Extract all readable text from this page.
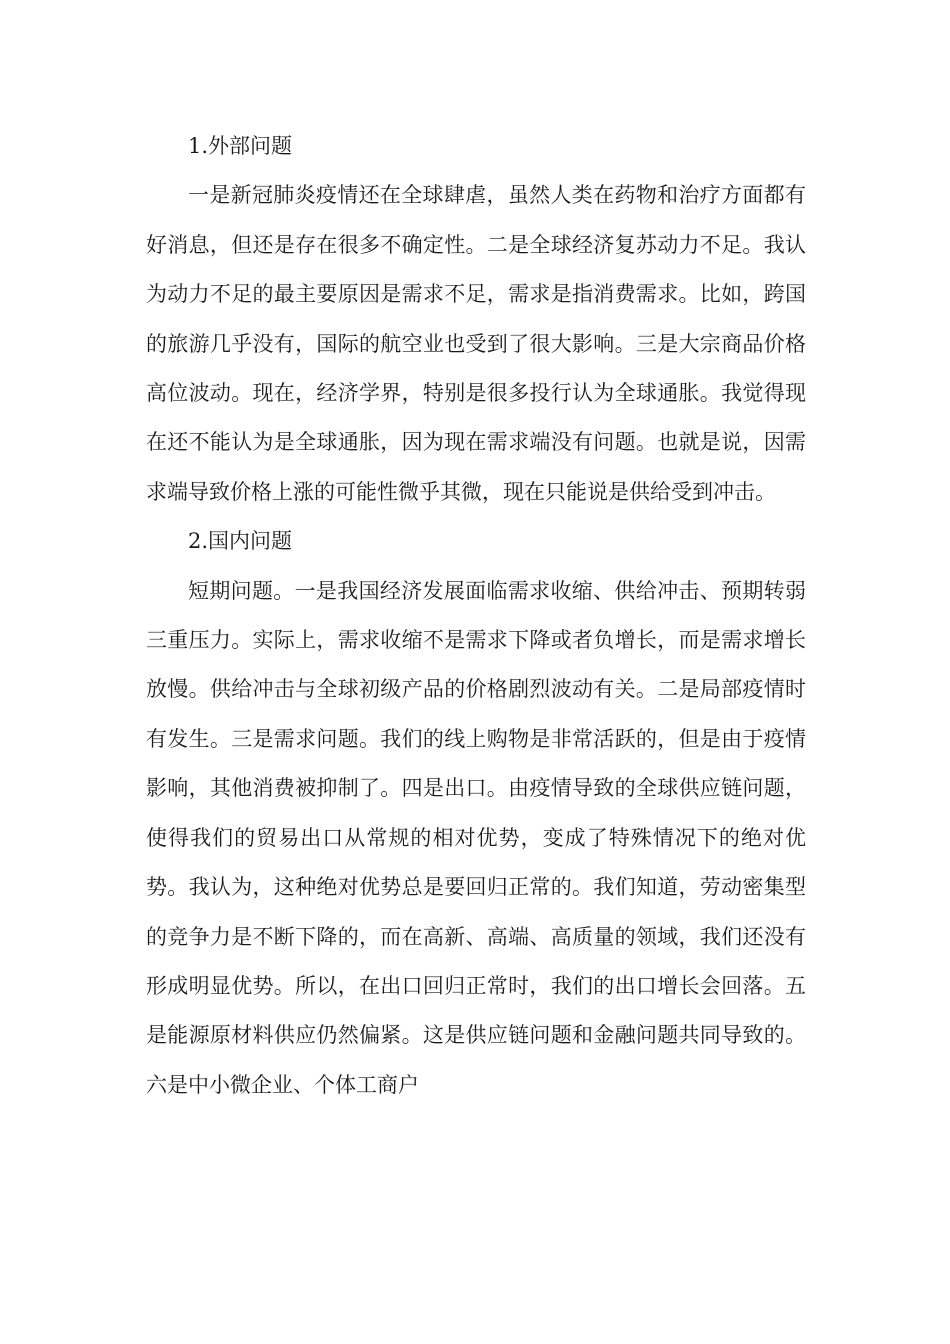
1.外部问题

一是新冠肺炎疫情还在全球肆虐，虽然人类在药物和治疗方面都有好消息，但还是存在很多不确定性。二是全球经济复苏动力不足。我认为动力不足的最主要原因是需求不足，需求是指消费需求。比如，跨国的旅游几乎没有，国际的航空业也受到了很大影响。三是大宗商品价格高位波动。现在，经济学界，特别是很多投行认为全球通胀。我觉得现在还不能认为是全球通胀，因为现在需求端没有问题。也就是说，因需求端导致价格上涨的可能性微乎其微，现在只能说是供给受到冲击。

2.国内问题

短期问题。一是我国经济发展面临需求收缩、供给冲击、预期转弱三重压力。实际上，需求收缩不是需求下降或者负增长，而是需求增长放慢。供给冲击与全球初级产品的价格剧烈波动有关。二是局部疫情时有发生。三是需求问题。我们的线上购物是非常活跃的，但是由于疫情影响，其他消费被抑制了。四是出口。由疫情导致的全球供应链问题，使得我们的贸易出口从常规的相对优势，变成了特殊情况下的绝对优势。我认为，这种绝对优势总是要回归正常的。我们知道，劳动密集型的竞争力是不断下降的，而在高新、高端、高质量的领域，我们还没有形成明显优势。所以，在出口回归正常时，我们的出口增长会回落。五是能源原材料供应仍然偏紧。这是供应链问题和金融问题共同导致的。六是中小微企业、个体工商户
